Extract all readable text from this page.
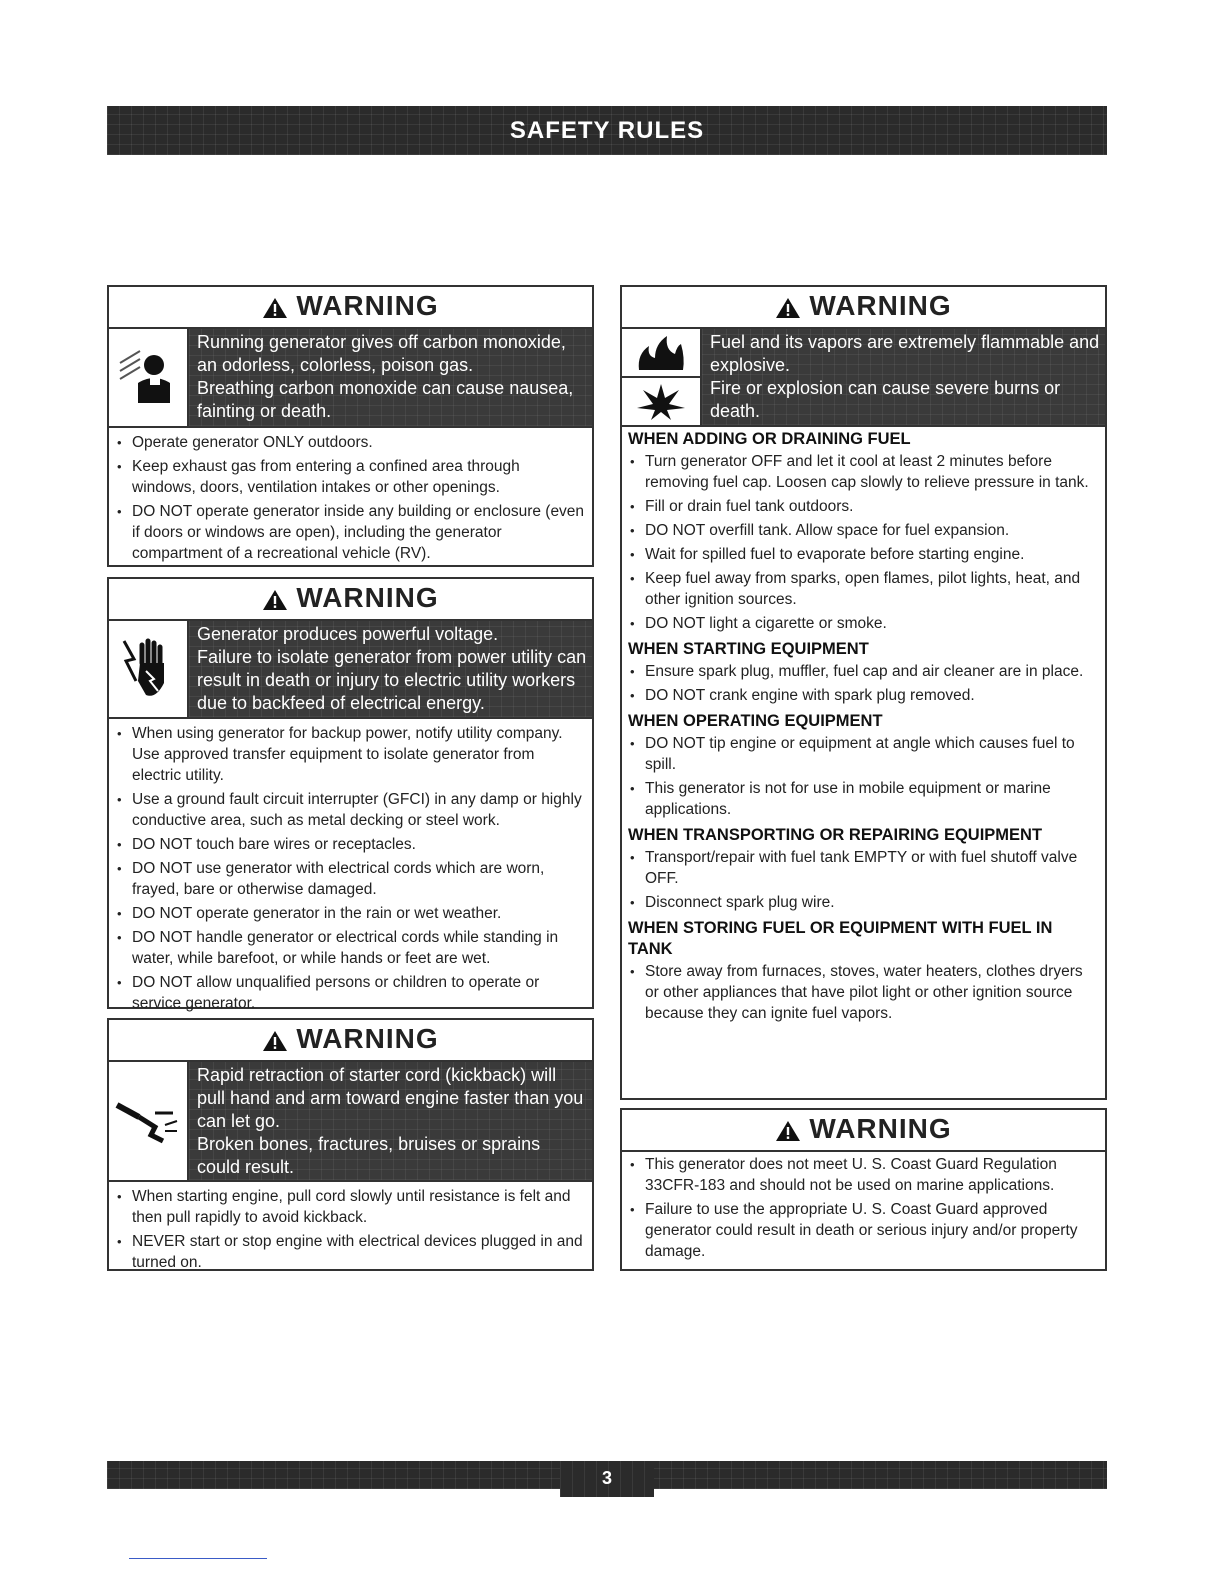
SAFETY RULES
WARNING

Running generator gives off carbon monoxide, an odorless, colorless, poison gas.

Breathing carbon monoxide can cause nausea, fainting or death.

• Operate generator ONLY outdoors.
• Keep exhaust gas from entering a confined area through windows, doors, ventilation intakes or other openings.
• DO NOT operate generator inside any building or enclosure (even if doors or windows are open), including the generator compartment of a recreational vehicle (RV).
WARNING

Generator produces powerful voltage.

Failure to isolate generator from power utility can result in death or injury to electric utility workers due to backfeed of electrical energy.

• When using generator for backup power, notify utility company. Use approved transfer equipment to isolate generator from electric utility.
• Use a ground fault circuit interrupter (GFCI) in any damp or highly conductive area, such as metal decking or steel work.
• DO NOT touch bare wires or receptacles.
• DO NOT use generator with electrical cords which are worn, frayed, bare or otherwise damaged.
• DO NOT operate generator in the rain or wet weather.
• DO NOT handle generator or electrical cords while standing in water, while barefoot, or while hands or feet are wet.
• DO NOT allow unqualified persons or children to operate or service generator.
WARNING

Rapid retraction of starter cord (kickback) will pull hand and arm toward engine faster than you can let go.

Broken bones, fractures, bruises or sprains could result.

• When starting engine, pull cord slowly until resistance is felt and then pull rapidly to avoid kickback.
• NEVER start or stop engine with electrical devices plugged in and turned on.
WARNING

Fuel and its vapors are extremely flammable and explosive.

Fire or explosion can cause severe burns or death.

WHEN ADDING OR DRAINING FUEL
• Turn generator OFF and let it cool at least 2 minutes before removing fuel cap. Loosen cap slowly to relieve pressure in tank.
• Fill or drain fuel tank outdoors.
• DO NOT overfill tank. Allow space for fuel expansion.
• Wait for spilled fuel to evaporate before starting engine.
• Keep fuel away from sparks, open flames, pilot lights, heat, and other ignition sources.
• DO NOT light a cigarette or smoke.
WHEN STARTING EQUIPMENT
• Ensure spark plug, muffler, fuel cap and air cleaner are in place.
• DO NOT crank engine with spark plug removed.
WHEN OPERATING EQUIPMENT
• DO NOT tip engine or equipment at angle which causes fuel to spill.
• This generator is not for use in mobile equipment or marine applications.
WHEN TRANSPORTING OR REPAIRING EQUIPMENT
• Transport/repair with fuel tank EMPTY or with fuel shutoff valve OFF.
• Disconnect spark plug wire.
WHEN STORING FUEL OR EQUIPMENT WITH FUEL IN TANK
• Store away from furnaces, stoves, water heaters, clothes dryers or other appliances that have pilot light or other ignition source because they can ignite fuel vapors.
WARNING
• This generator does not meet U. S. Coast Guard Regulation 33CFR-183 and should not be used on marine applications.
• Failure to use the appropriate U. S. Coast Guard approved generator could result in death or serious injury and/or property damage.
3
